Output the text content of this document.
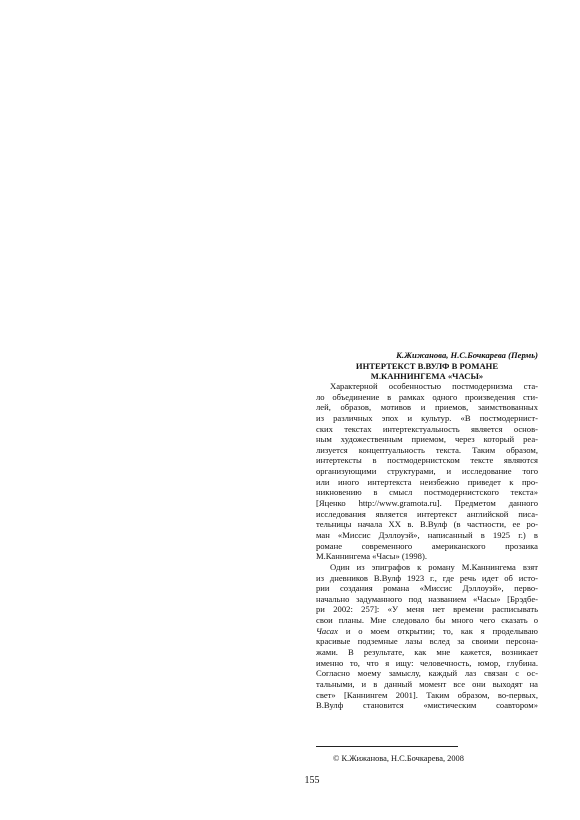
К.Жижанова, Н.С.Бочкарева (Пермь)
ИНТЕРТЕКСТ В.ВУЛФ В РОМАНЕ
М.КАННИНГЕМА «ЧАСЫ»
Характерной особенностью постмодернизма ста-
ло объединение в рамках одного произведения сти-
лей, образов, мотивов и приемов, заимствованных
из различных эпох и культур. «В постмодернист-
ских текстах интертекстуальность является основ-
ным художественным приемом, через который реа-
лизуется концептуальность текста. Таким образом,
интертексты в постмодернистском тексте являются
организующими структурами, и исследование того
или иного интертекста неизбежно приведет к про-
никновению в смысл постмодернистского текста»
[Яценко http://www.gramota.ru]. Предметом данного
исследования является интертекст английской писа-
тельницы начала XX в. В.Вулф (в частности, ее ро-
ман «Миссис Дэллоуэй», написанный в 1925 г.) в
романе современного американского прозаика
М.Каннингема «Часы» (1998).
Один из эпиграфов к роману М.Каннингема взят
из дневников В.Вулф 1923 г., где речь идет об исто-
рии создания романа «Миссис Дэллоуэй», перво-
начально задуманного под названием «Часы» [Брэдбе-
ри 2002: 257]: «У меня нет времени расписывать
свои планы. Мне следовало бы много чего сказать о
Часах и о моем открытии; то, как я проделываю
красивые подземные лазы вслед за своими персона-
жами. В результате, как мне кажется, возникает
именно то, что я ищу: человечность, юмор, глубина.
Согласно моему замыслу, каждый лаз связан с ос-
тальными, и в данный момент все они выходят на
свет» [Каннингем 2001]. Таким образом, во-первых,
В.Вулф становится «мистическим соавтором»
© К.Жижанова, Н.С.Бочкарева, 2008
155
